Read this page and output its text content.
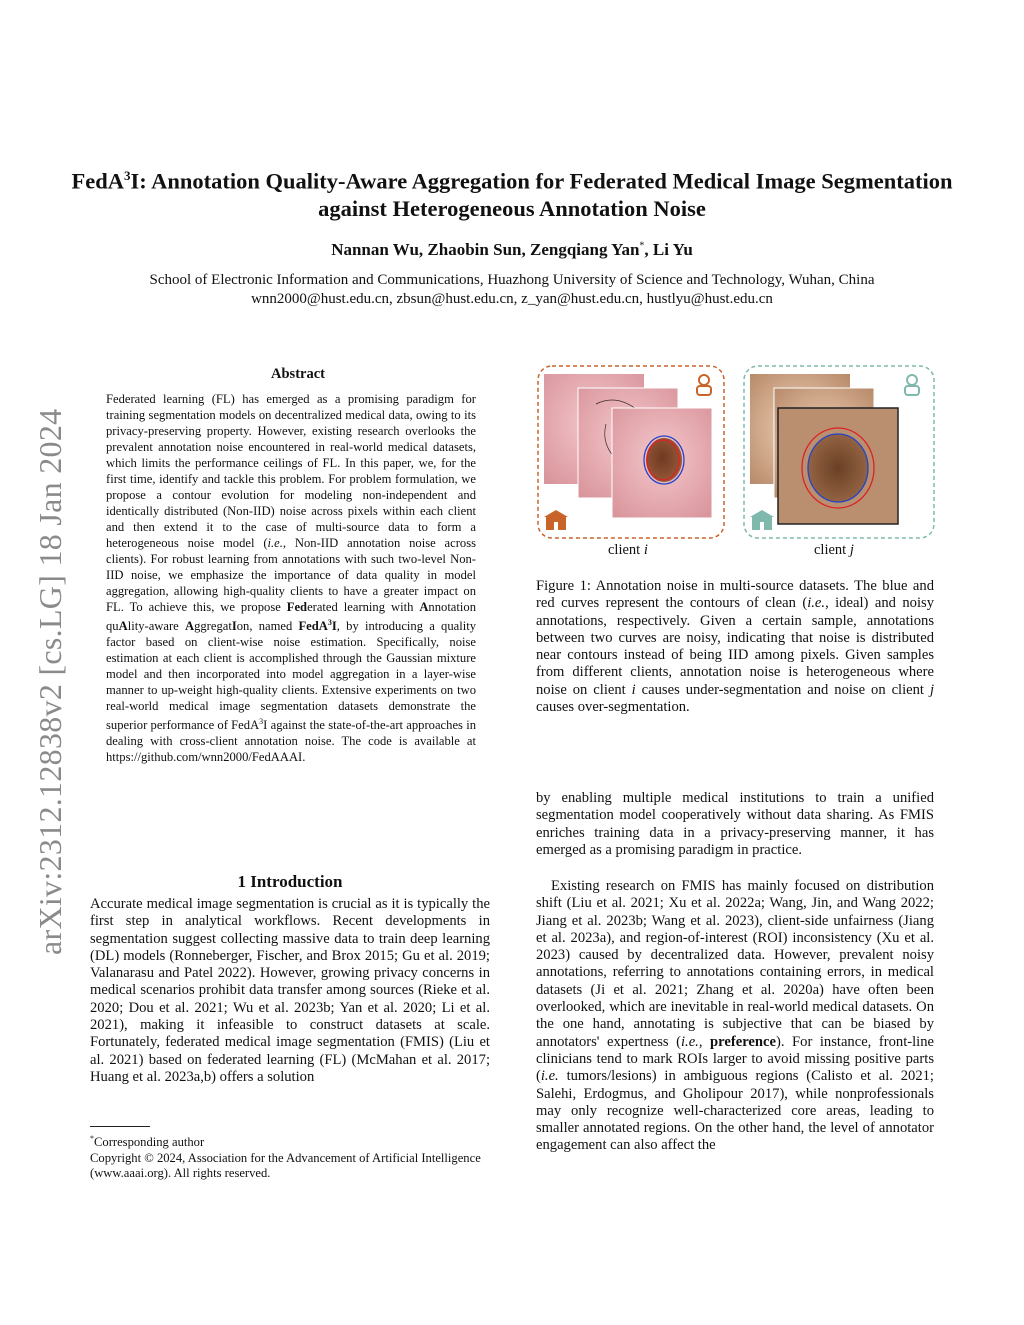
FedA$^3$I: Annotation Quality-Aware Aggregation for Federated Medical Image Segmentation against Heterogeneous Annotation Noise
Nannan Wu, Zhaobin Sun, Zengqiang Yan*, Li Yu
School of Electronic Information and Communications, Huazhong University of Science and Technology, Wuhan, China
wnn2000@hust.edu.cn, zbsun@hust.edu.cn, z_yan@hust.edu.cn, hustlyu@hust.edu.cn
arXiv:2312.12838v2 [cs.LG] 18 Jan 2024
Abstract
Federated learning (FL) has emerged as a promising paradigm for training segmentation models on decentralized medical data, owing to its privacy-preserving property. However, existing research overlooks the prevalent annotation noise encountered in real-world medical datasets, which limits the performance ceilings of FL. In this paper, we, for the first time, identify and tackle this problem. For problem formulation, we propose a contour evolution for modeling non-independent and identically distributed (Non-IID) noise across pixels within each client and then extend it to the case of multi-source data to form a heterogeneous noise model (i.e., Non-IID annotation noise across clients). For robust learning from annotations with such two-level Non-IID noise, we emphasize the importance of data quality in model aggregation, allowing high-quality clients to have a greater impact on FL. To achieve this, we propose Federated learning with Annotation quAlity-aware AggregatIon, named FedA$^3$I, by introducing a quality factor based on client-wise noise estimation. Specifically, noise estimation at each client is accomplished through the Gaussian mixture model and then incorporated into model aggregation in a layer-wise manner to up-weight high-quality clients. Extensive experiments on two real-world medical image segmentation datasets demonstrate the superior performance of FedA$^3$I against the state-of-the-art approaches in dealing with cross-client annotation noise. The code is available at https://github.com/wnn2000/FedAAAI.
1 Introduction
Accurate medical image segmentation is crucial as it is typically the first step in analytical workflows. Recent developments in segmentation suggest collecting massive data to train deep learning (DL) models (Ronneberger, Fischer, and Brox 2015; Gu et al. 2019; Valanarasu and Patel 2022). However, growing privacy concerns in medical scenarios prohibit data transfer among sources (Rieke et al. 2020; Dou et al. 2021; Wu et al. 2023b; Yan et al. 2020; Li et al. 2021), making it infeasible to construct datasets at scale. Fortunately, federated medical image segmentation (FMIS) (Liu et al. 2021) based on federated learning (FL) (McMahan et al. 2017; Huang et al. 2023a,b) offers a solution
*Corresponding author
Copyright © 2024, Association for the Advancement of Artificial Intelligence (www.aaai.org). All rights reserved.
client i	client j
Figure 1: Annotation noise in multi-source datasets. The blue and red curves represent the contours of clean (i.e., ideal) and noisy annotations, respectively. Given a certain sample, annotations between two curves are noisy, indicating that noise is distributed near contours instead of being IID among pixels. Given samples from different clients, annotation noise is heterogeneous where noise on client i causes under-segmentation and noise on client j causes over-segmentation.
by enabling multiple medical institutions to train a unified segmentation model cooperatively without data sharing. As FMIS enriches training data in a privacy-preserving manner, it has emerged as a promising paradigm in practice.
Existing research on FMIS has mainly focused on distribution shift (Liu et al. 2021; Xu et al. 2022a; Wang, Jin, and Wang 2022; Jiang et al. 2023b; Wang et al. 2023), client-side unfairness (Jiang et al. 2023a), and region-of-interest (ROI) inconsistency (Xu et al. 2023) caused by decentralized data. However, prevalent noisy annotations, referring to annotations containing errors, in medical datasets (Ji et al. 2021; Zhang et al. 2020a) have often been overlooked, which are inevitable in real-world medical datasets. On the one hand, annotating is subjective that can be biased by annotators' expertness (i.e., preference). For instance, front-line clinicians tend to mark ROIs larger to avoid missing positive parts (i.e. tumors/lesions) in ambiguous regions (Calisto et al. 2021; Salehi, Erdogmus, and Gholipour 2017), while nonprofessionals may only recognize well-characterized core areas, leading to smaller annotated regions. On the other hand, the level of annotator engagement can also affect the
